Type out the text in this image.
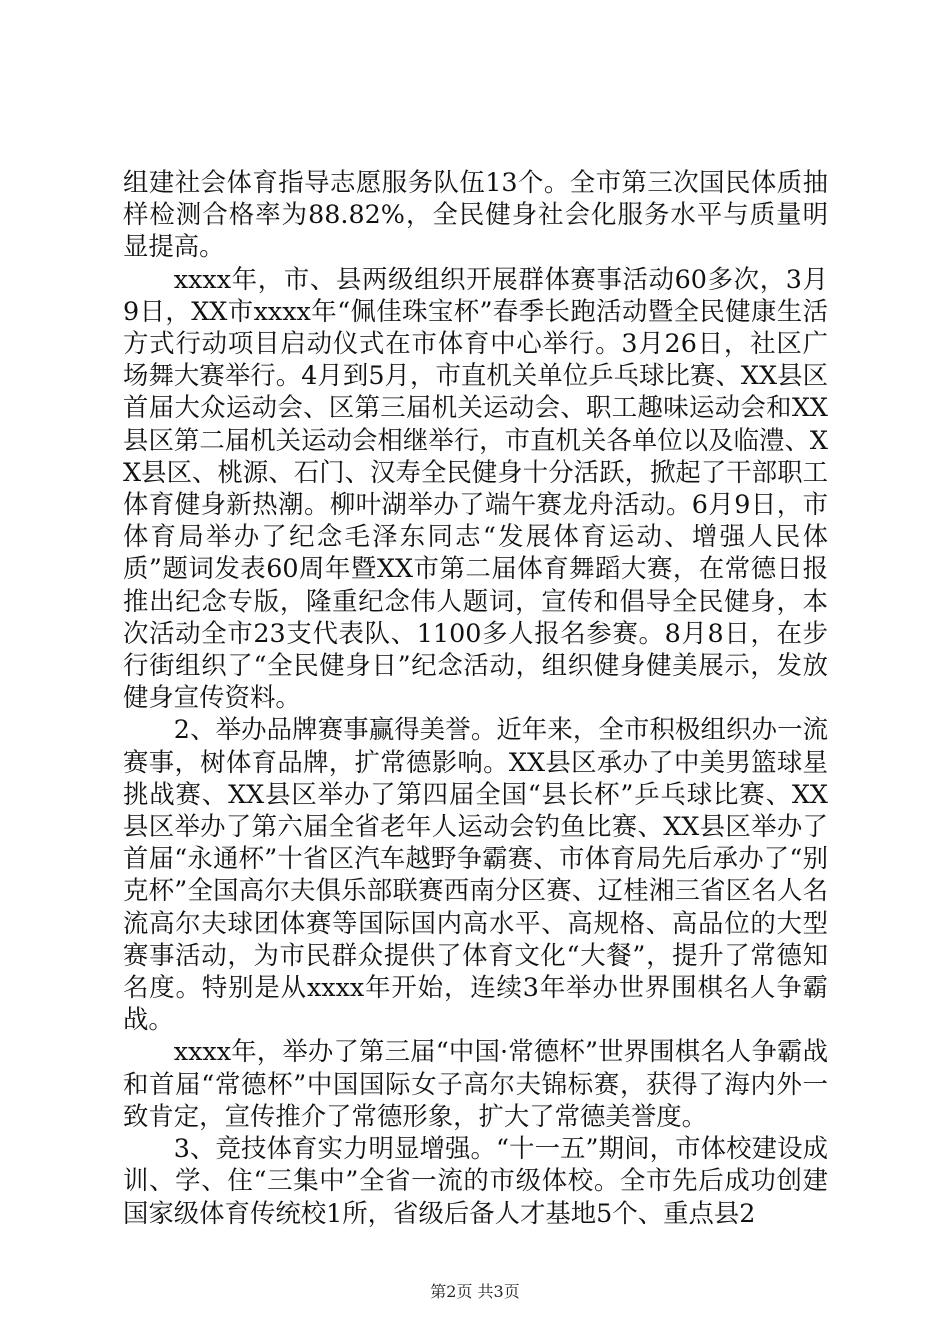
组建社会体育指导志愿服务队伍13个。全市第三次国民体质抽样检测合格率为88.82%，全民健身社会化服务水平与质量明显提高。

xxxx年，市、县两级组织开展群体赛事活动60多次，3月9日，XX市xxxx年“佩佳珠宝杯”春季长跑活动暨全民健康生活方式行动项目启动仪式在市体育中心举行。3月26日，社区广场舞大赛举行。4月到5月，市直机关单位乒乓球比赛、XX县区首届大众运动会、区第三届机关运动会、职工趣味运动会和XX县区第二届机关运动会相继举行，市直机关各单位以及临澧、XX县区、桃源、石门、汉寿全民健身十分活跃，掀起了干部职工体育健身新热潮。柳叶湖举办了端午赛龙舟活动。6月9日，市体育局举办了纪念毛泽东同志“发展体育运动、增强人民体质”题词发表60周年暨XX市第二届体育舞蹈大赛，在常德日报推出纪念专版，隆重纪念伟人题词，宣传和倡导全民健身，本次活动全市23支代表队、1100多人报名参赛。8月8日，在步行街组织了“全民健身日”纪念活动，组织健身健美展示，发放健身宣传资料。

2、举办品牌赛事赢得美誉。近年来，全市积极组织办一流赛事，树体育品牌，扩常德影响。XX县区承办了中美男篮球星挑战赛、XX县区举办了第四届全国“县长杯”乒乓球比赛、XX县区举办了第六届全省老年人运动会钓鱼比赛、XX县区举办了首届“永通杯”十省区汽车越野争霸赛、市体育局先后承办了“别克杯”全国高尔夫俱乐部联赛西南分区赛、辽桂湘三省区名人名流高尔夫球团体赛等国际国内高水平、高规格、高品位的大型赛事活动，为市民群众提供了体育文化“大餐”，提升了常德知名度。特别是从xxxx年开始，连续3年举办世界围棋名人争霸战。

xxxx年，举办了第三届“中国·常德杯”世界围棋名人争霸战和首届“常德杯”中国国际女子高尔夫锦标赛，获得了海内外一致肯定，宣传推介了常德形象，扩大了常德美誉度。

3、竞技体育实力明显增强。“十一五”期间，市体校建设成训、学、住“三集中”全省一流的市级体校。全市先后成功创建国家级体育传统校1所，省级后备人才基地5个、重点县2

第2页 共3页
